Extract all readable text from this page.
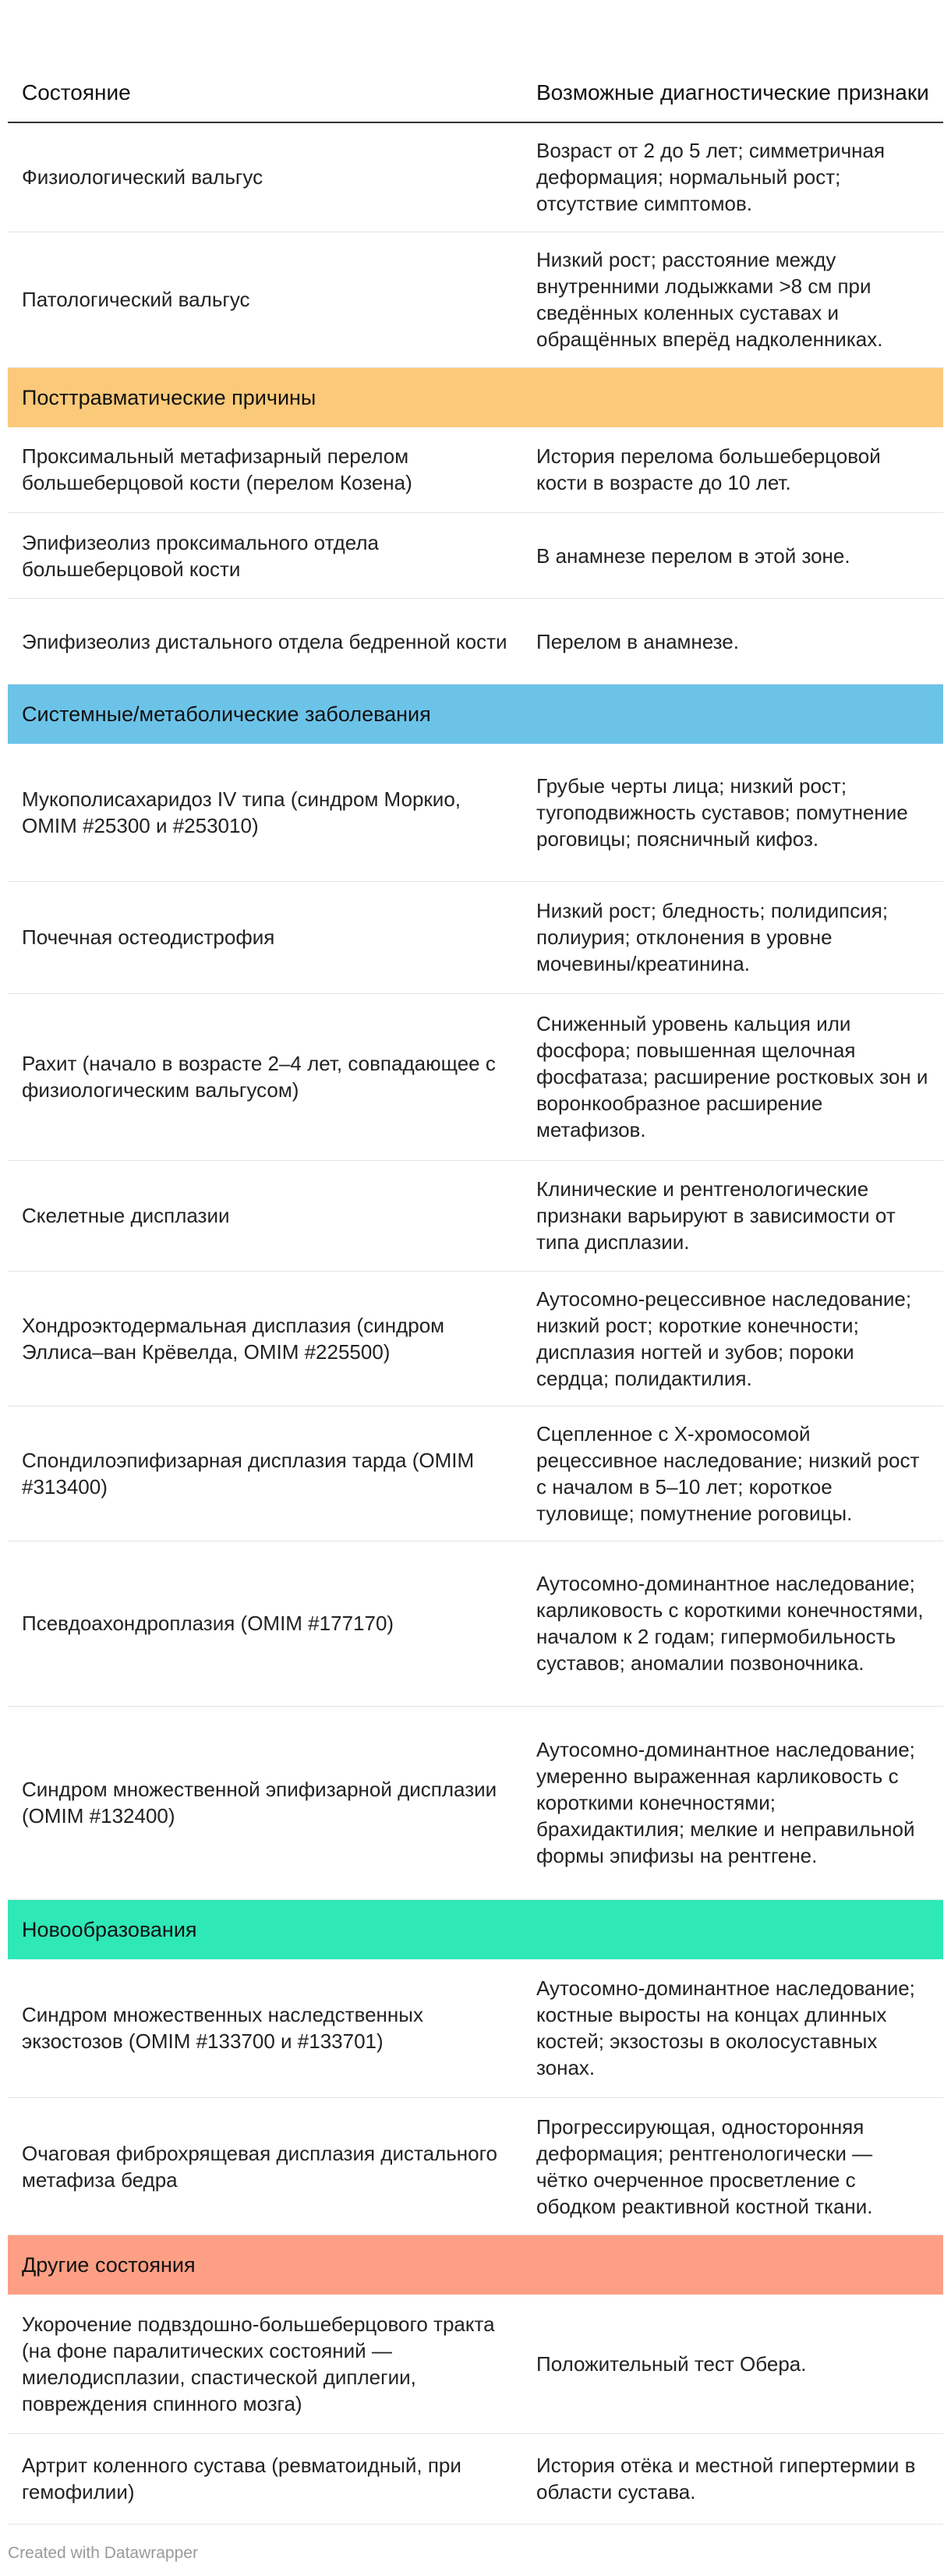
Состояние	Возможные диагностические признаки
Физиологический вальгус	Возраст от 2 до 5 лет; симметричная деформация; нормальный рост; отсутствие симптомов.
Патологический вальгус	Низкий рост; расстояние между внутренними лодыжками >8 см при сведённых коленных суставах и обращённых вперёд надколенниках.
Посттравматические причины	
Проксимальный метафизарный перелом большеберцовой кости (перелом Козена)	История перелома большеберцовой кости в возрасте до 10 лет.
Эпифизеолиз проксимального отдела большеберцовой кости	В анамнезе перелом в этой зоне.
Эпифизеолиз дистального отдела бедренной кости	Перелом в анамнезе.
Системные/метаболические заболевания	
Мукополисахаридоз IV типа (синдром Моркио, OMIM #25300 и #253010)	Грубые черты лица; низкий рост; тугоподвижность суставов; помутнение роговицы; поясничный кифоз.
Почечная остеодистрофия	Низкий рост; бледность; полидипсия; полиурия; отклонения в уровне мочевины/креатинина.
Рахит (начало в возрасте 2–4 лет, совпадающее с физиологическим вальгусом)	Сниженный уровень кальция или фосфора; повышенная щелочная фосфатаза; расширение ростковых зон и воронкообразное расширение метафизов.
Скелетные дисплазии	Клинические и рентгенологические признаки варьируют в зависимости от типа дисплазии.
Хондроэктодермальная дисплазия (синдром Эллиса–ван Крёвелда, OMIM #225500)	Аутосомно-рецессивное наследование; низкий рост; короткие конечности; дисплазия ногтей и зубов; пороки сердца; полидактилия.
Спондилоэпифизарная дисплазия тарда (OMIM #313400)	Сцепленное с X-хромосомой рецессивное наследование; низкий рост с началом в 5–10 лет; короткое туловище; помутнение роговицы.
Псевдоахондроплазия (OMIM #177170)	Аутосомно-доминантное наследование; карликовость с короткими конечностями, началом к 2 годам; гипермобильность суставов; аномалии позвоночника.
Синдром множественной эпифизарной дисплазии (OMIM #132400)	Аутосомно-доминантное наследование; умеренно выраженная карликовость с короткими конечностями; брахидактилия; мелкие и неправильной формы эпифизы на рентгене.
Новообразования	
Синдром множественных наследственных экзостозов (OMIM #133700 и #133701)	Аутосомно-доминантное наследование; костные выросты на концах длинных костей; экзостозы в околосуставных зонах.
Очаговая фиброхрящевая дисплазия дистального метафиза бедра	Прогрессирующая, односторонняя деформация; рентгенологически — чётко очерченное просветление с ободком реактивной костной ткани.
Другие состояния	
Укорочение подвздошно-большеберцового тракта (на фоне паралитических состояний — миелодисплазии, спастической диплегии, повреждения спинного мозга)	Положительный тест Обера.
Артрит коленного сустава (ревматоидный, при гемофилии)	История отёка и местной гипертермии в области сустава.
Created with Datawrapper
